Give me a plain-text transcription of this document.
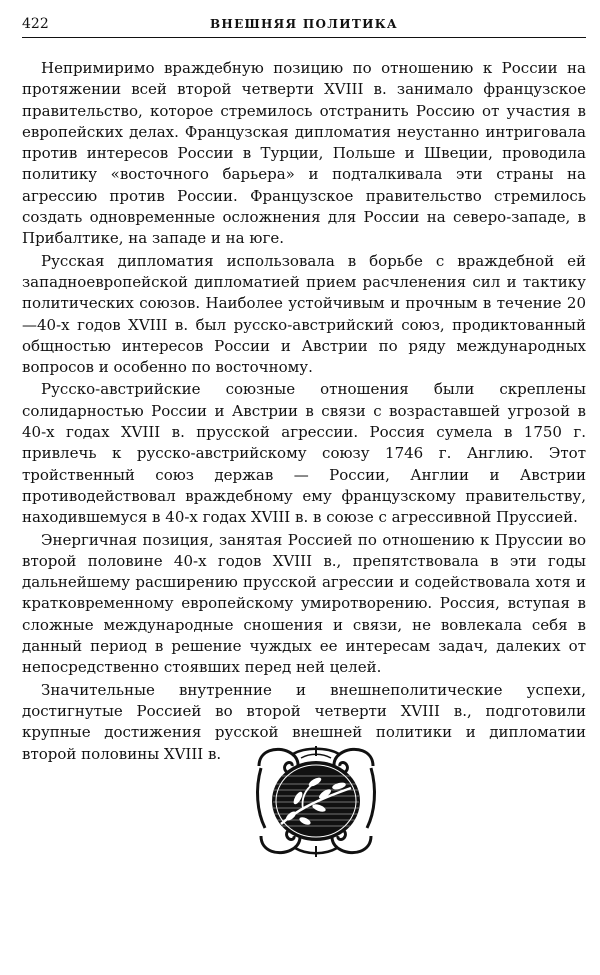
422	ВНЕШНЯЯ ПОЛИТИКА

Непримиримо враждебную позицию по отношению к России на протяжении всей второй четверти XVIII в. занимало французское правительство, которое стремилось отстранить Россию от участия в европейских делах. Французская дипломатия неустанно интриговала против интересов России в Турции, Польше и Швеции, проводила политику «восточного барьера» и подталкивала эти страны на агрессию против России. Французское правительство стремилось создать одновременные осложнения для России на северо-западе, в Прибалтике, на западе и на юге.

Русская дипломатия использовала в борьбе с враждебной ей западноевропейской дипломатией прием расчленения сил и тактику политических союзов. Наиболее устойчивым и прочным в течение 20—40-х годов XVIII в. был русско-австрийский союз, продиктованный общностью интересов России и Австрии по ряду международных вопросов и особенно по восточному.

Русско-австрийские союзные отношения были скреплены солидарностью России и Австрии в связи с возраставшей угрозой в 40-х годах XVIII в. прусской агрессии. Россия сумела в 1750 г. привлечь к русско-австрийскому союзу 1746 г. Англию. Этот тройственный союз держав — России, Англии и Австрии противодействовал враждебному ему французскому правительству, находившемуся в 40-х годах XVIII в. в союзе с агрессивной Пруссией.

Энергичная позиция, занятая Россией по отношению к Пруссии во второй половине 40-х годов XVIII в., препятствовала в эти годы дальнейшему расширению прусской агрессии и содействовала хотя и кратковременному европейскому умиротворению. Россия, вступая в сложные международные сношения и связи, не вовлекала себя в данный период в решение чуждых ее интересам задач, далеких от непосредственно стоявших перед ней целей.

Значительные внутренние и внешнеполитические успехи, достигнутые Россией во второй четверти XVIII в., подготовили крупные достижения русской внешней политики и дипломатии второй половины XVIII в.
